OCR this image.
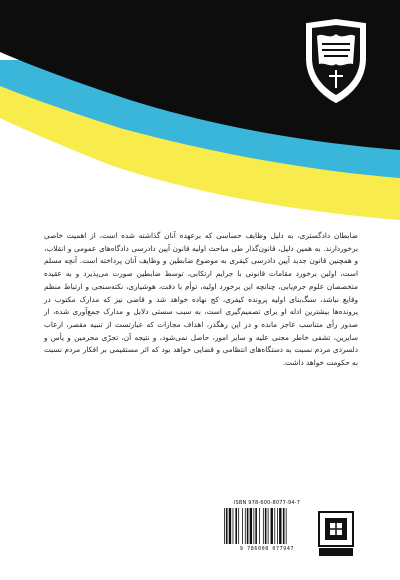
ضابطان دادگستری، به دلیل وظایف حساسی که برعهده آنان گذاشته شده است، از اهمیت خاصی برخوردارند. به همین دلیل، قانون‌گذار طی مباحث اولیه قانون آیین دادرسی دادگاه‌های عمومی و انقلاب، و همچنین قانون جدید آیین دادرسی کیفری به موضوع ضابطین و وظایف آنان پرداخته است. آنچه مسلم است، اولین برخورد مقامات قانونی با جرایم ارتکابی، توسط ضابطین صورت می‌پذیرد و به عقیده متخصصان علوم جرم‌یابی، چنانچه این برخورد اولیه، توأم با دقت، هوشیاری، نکته‌سنجی و ارتباط منظم وقایع نباشد، سنگ‌بنای اولیه پرونده کیفری، کج نهاده خواهد شد و قاضی نیز که مدارک مکتوب در پرونده‌ها بیشترین ادله او برای تصمیم‌گیری است، به سبب سستی دلایل و مدارک جمع‌آوری شده، از صدور رأی متناسب عاجز مانده و در این رهگذر، اهداف مجازات که عبارتست از تنبیه مقصر، ارعاب سایرین، تشفی خاطر مجنی علیه و سایر امور، حاصل نمی‌شود، و نتیجه آن، تجرّی مجرمین و یأس و دلسردی مردم نسبت به دستگاه‌های انتظامی و قضایی خواهد بود که اثر مستقیمی بر افکار مردم نسبت به حکومت خواهد داشت.

ISBN 978-600-8077-94-7
9 786008 077947
